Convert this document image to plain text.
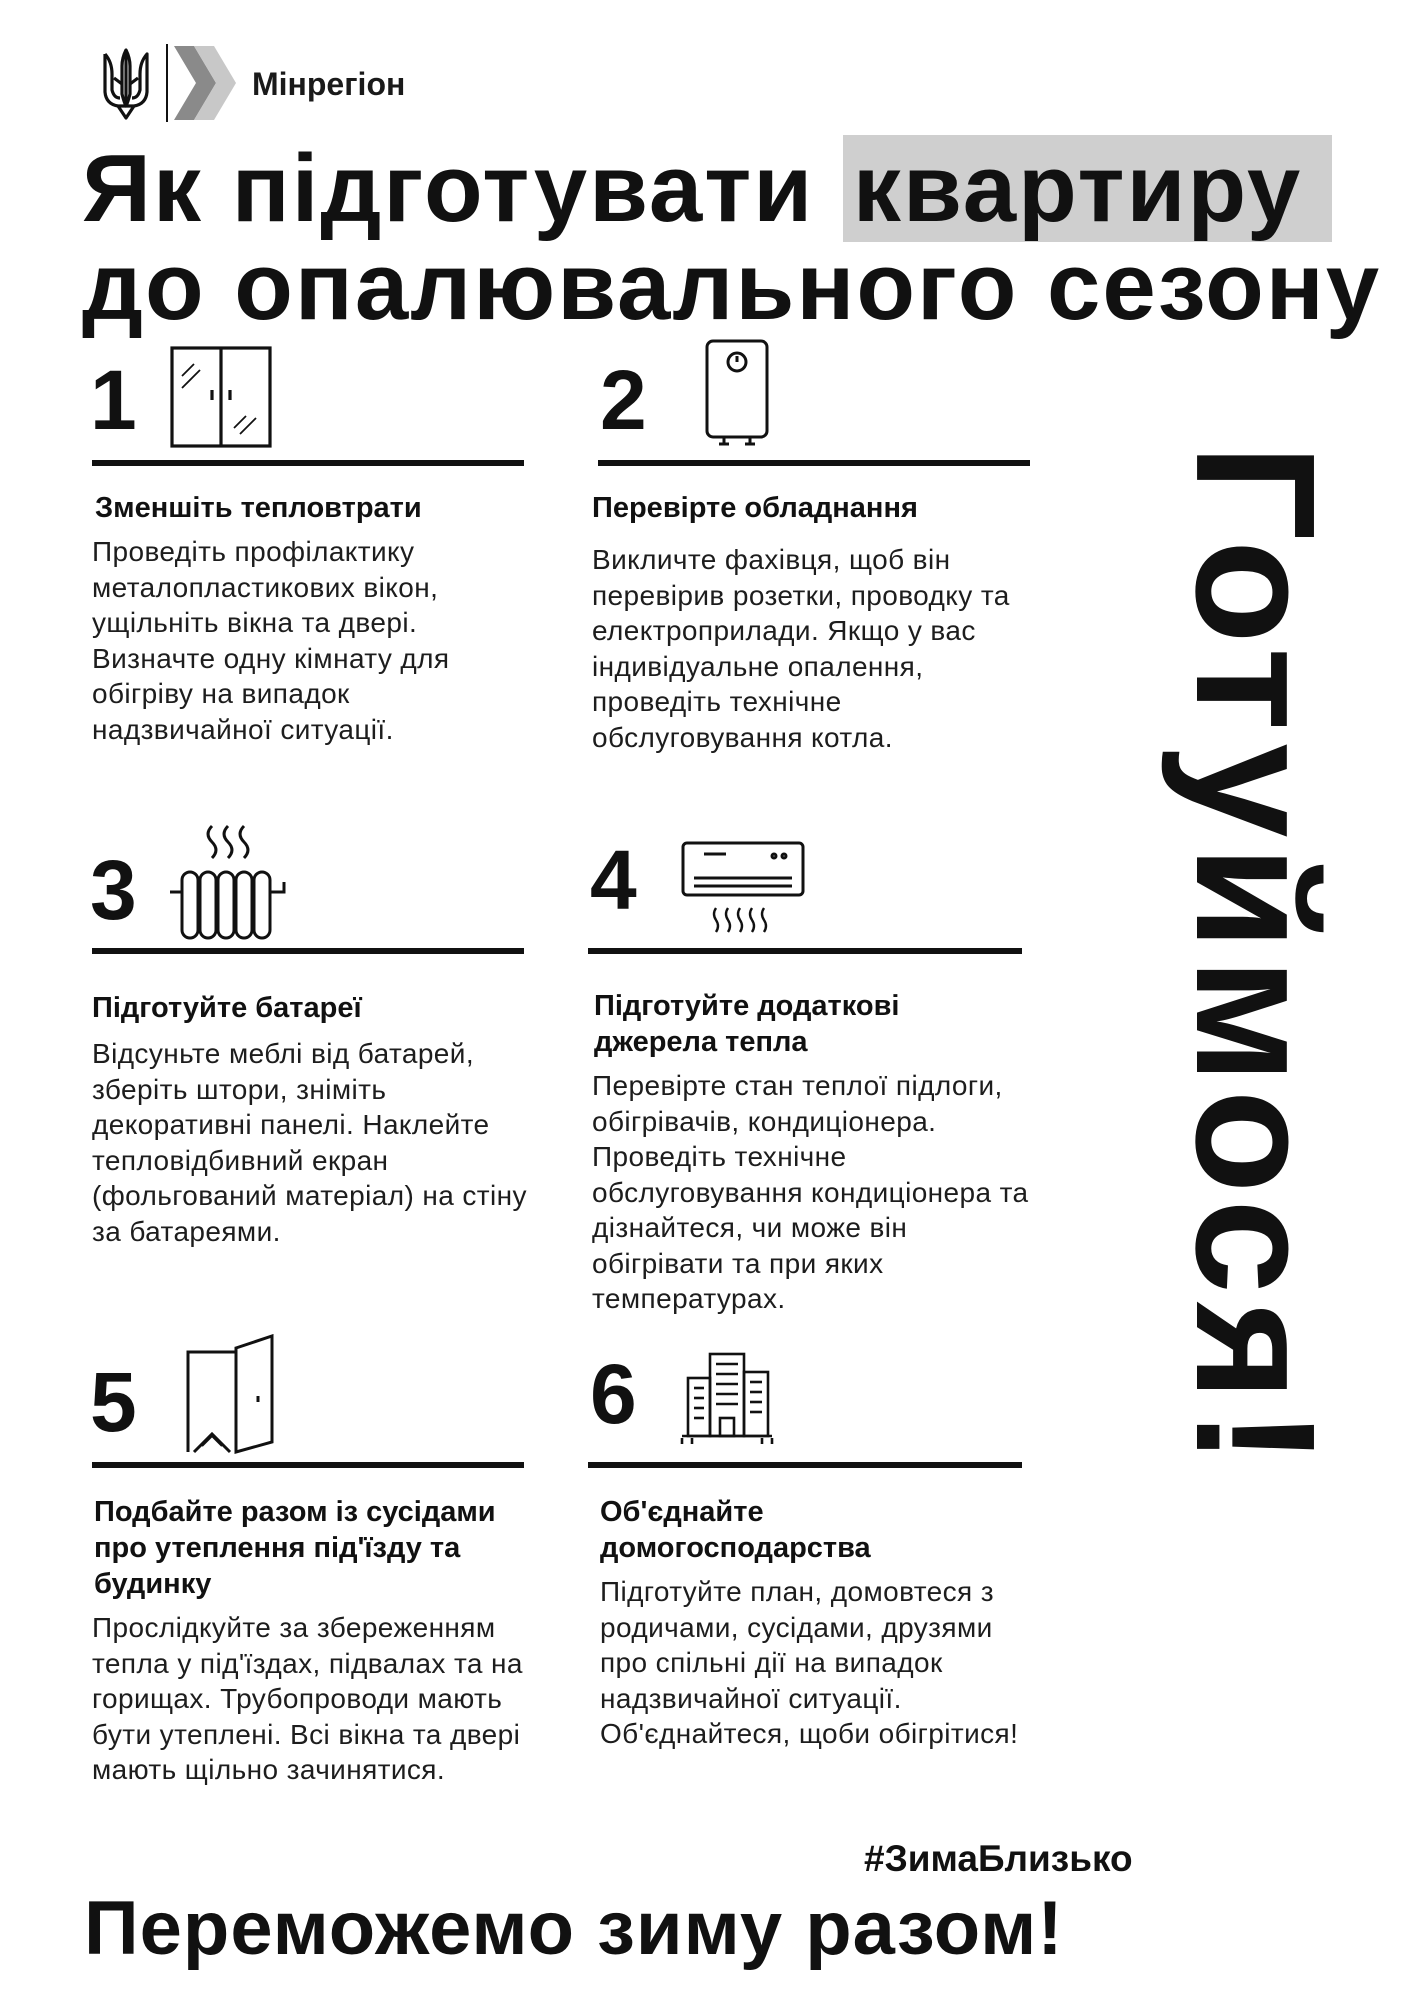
Мінрегіон
Як підготувати квартиру
до опалювального сезону
Готуймося!
1
Зменшіть тепловтрати
Проведіть профілактику металопластикових вікон, ущільніть вікна та двері. Визначте одну кімнату для обігріву на випадок надзвичайної ситуації.
2
Перевірте обладнання
Викличте фахівця, щоб він перевірив розетки, проводку та електроприлади. Якщо у вас індивідуальне опалення, проведіть технічне обслуговування котла.
3
Підготуйте батареї
Відсуньте меблі від батарей, зберіть штори, зніміть декоративні панелі. Наклейте тепловідбивний екран (фольгований матеріал) на стіну за батареями.
4
Підготуйте додаткові джерела тепла
Перевірте стан теплої підлоги, обігрівачів, кондиціонера. Проведіть технічне обслуговування кондиціонера та дізнайтеся, чи може він обігрівати та при яких температурах.
5
Подбайте разом із сусідами про утеплення під'їзду та будинку
Прослідкуйте за збереженням тепла у під'їздах, підвалах та на горищах. Трубопроводи мають бути утеплені. Всі вікна та двері мають щільно зачинятися.
6
Об'єднайте домогосподарства
Підготуйте план, домовтеся з родичами, сусідами, друзями про спільні дії на випадок надзвичайної ситуації. Об'єднайтеся, щоби обігрітися!
#ЗимаБлизько
Переможемо зиму разом!
